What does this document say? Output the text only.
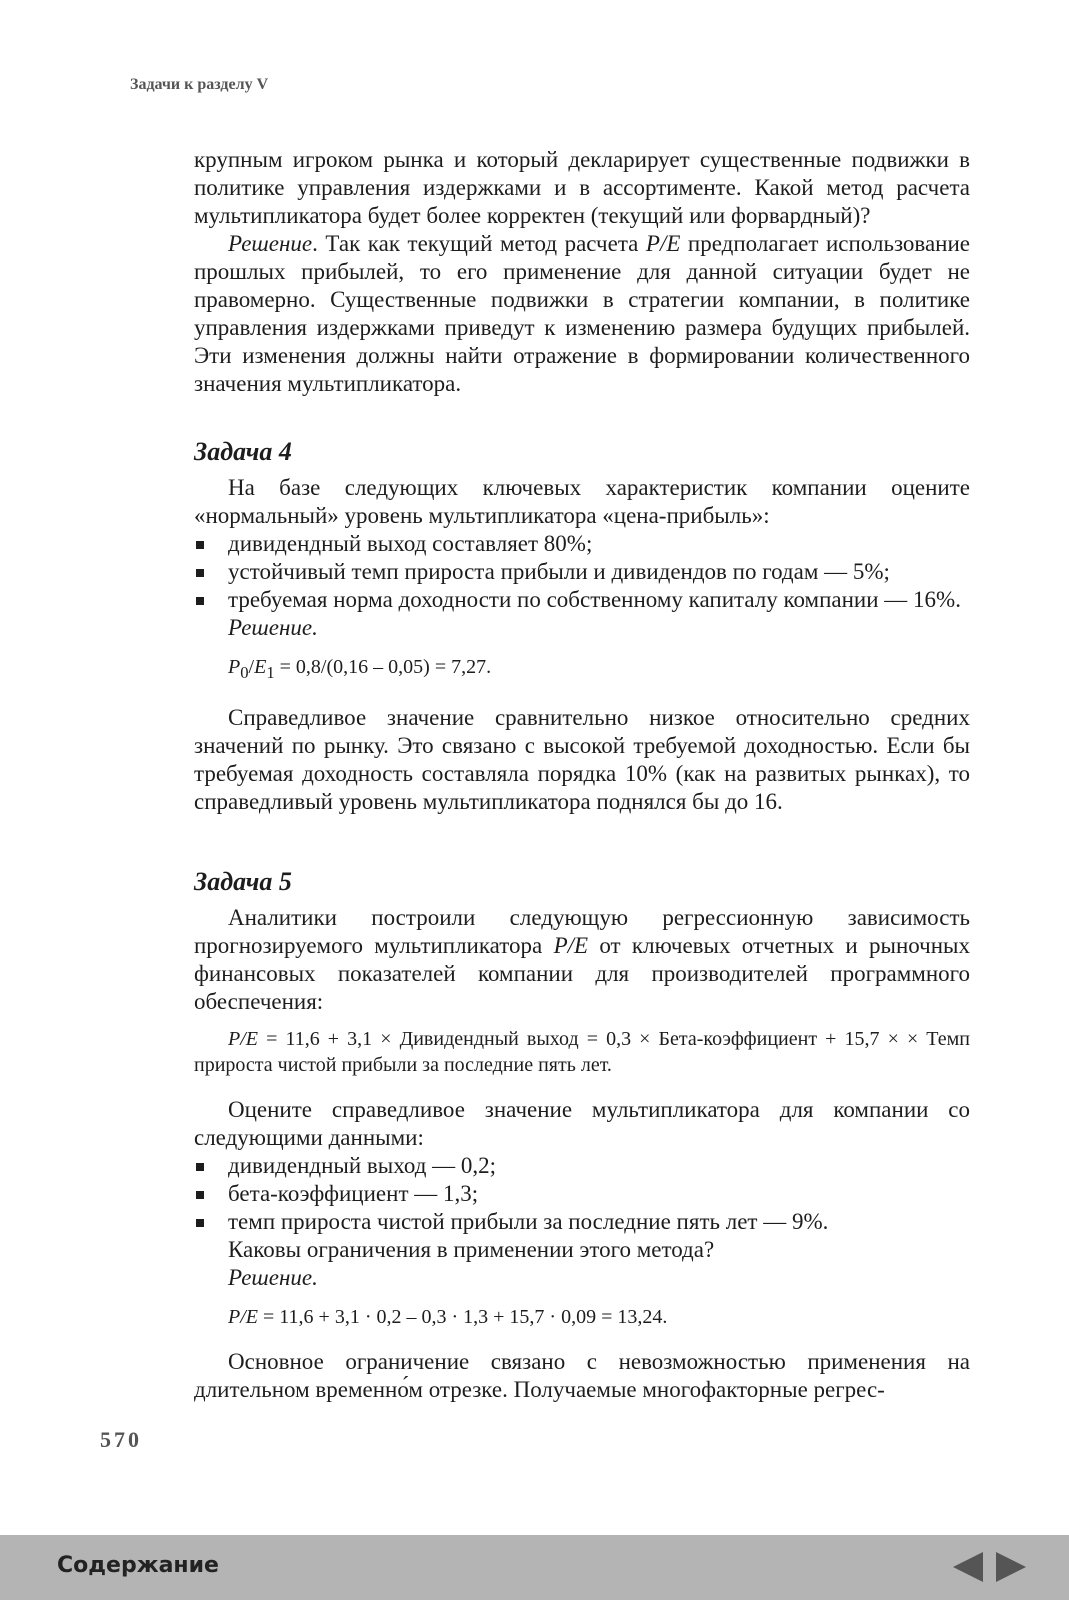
Задачи к разделу V

крупным игроком рынка и который декларирует существенные подвижки в политике управления издержками и в ассортименте. Какой метод расчета мультипликатора будет более корректен (текущий или форвардный)?

Решение. Так как текущий метод расчета P/E предполагает использование прошлых прибылей, то его применение для данной ситуации будет не правомерно. Существенные подвижки в стратегии компании, в политике управления издержками приведут к изменению размера будущих прибылей. Эти изменения должны найти отражение в формировании количественного значения мультипликатора.

Задача 4

На базе следующих ключевых характеристик компании оцените «нормальный» уровень мультипликатора «цена-прибыль»:

дивидендный выход составляет 80%;
устойчивый темп прироста прибыли и дивидендов по годам — 5%;
требуемая норма доходности по собственному капиталу компании — 16%.

Решение.

$P_0/E_1 = 0,8/(0,16 - 0,05) = 7,27$.

Справедливое значение сравнительно низкое относительно средних значений по рынку. Это связано с высокой требуемой доходностью. Если бы требуемая доходность составляла порядка 10% (как на развитых рынках), то справедливый уровень мультипликатора поднялся бы до 16.

Задача 5

Аналитики построили следующую регрессионную зависимость прогнозируемого мультипликатора P/E от ключевых отчетных и рыночных финансовых показателей компании для производителей программного обеспечения:

P/E = 11,6 + 3,1 × Дивидендный выход = 0,3 × Бета-коэффициент + 15,7 × × Темп прироста чистой прибыли за последние пять лет.

Оцените справедливое значение мультипликатора для компании со следующими данными:

дивидендный выход — 0,2;
бета-коэффициент — 1,3;
темп прироста чистой прибыли за последние пять лет — 9%.

Каковы ограничения в применении этого метода?

Решение.

P/E = 11,6 + 3,1 · 0,2 – 0,3 · 1,3 + 15,7 · 0,09 = 13,24.

Основное ограничение связано с невозможностью применения на длительном временно́м отрезке. Получаемые многофакторные регрес-

570
Содержание
